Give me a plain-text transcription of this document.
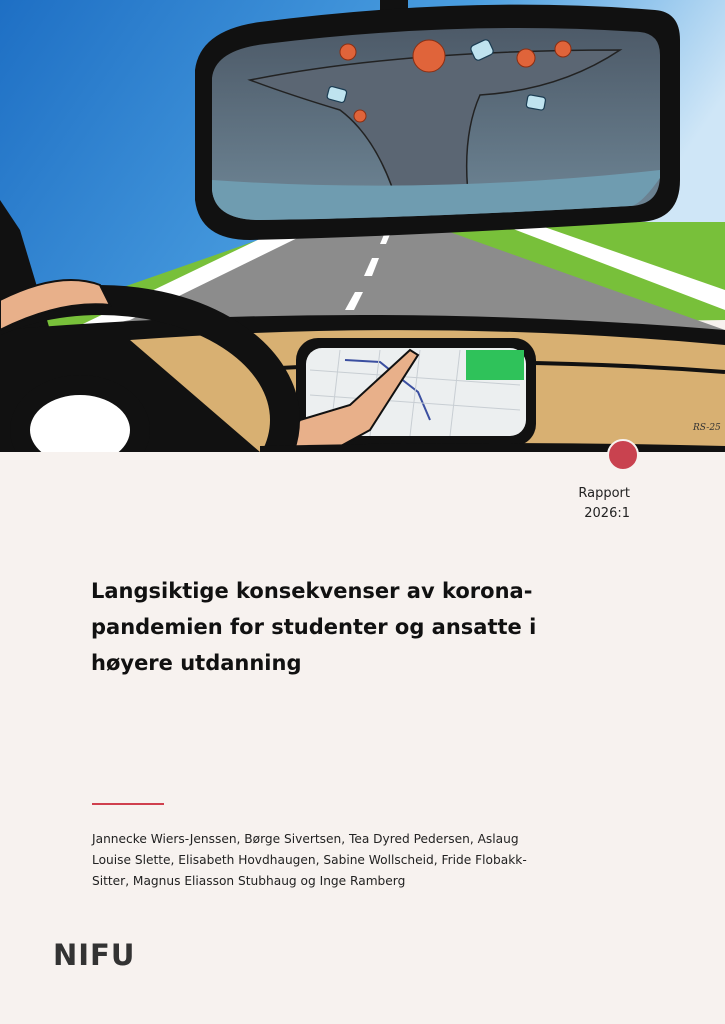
RS-25
Rapport
2026:1
Langsiktige konsekvenser av korona-pandemien for studenter og ansatte i høyere utdanning
Jannecke Wiers-Jenssen, Børge Sivertsen, Tea Dyred Pedersen, Aslaug Louise Slette, Elisabeth Hovdhaugen, Sabine Wollscheid, Fride Flobakk-Sitter, Magnus Eliasson Stubhaug og Inge Ramberg
NIFU
